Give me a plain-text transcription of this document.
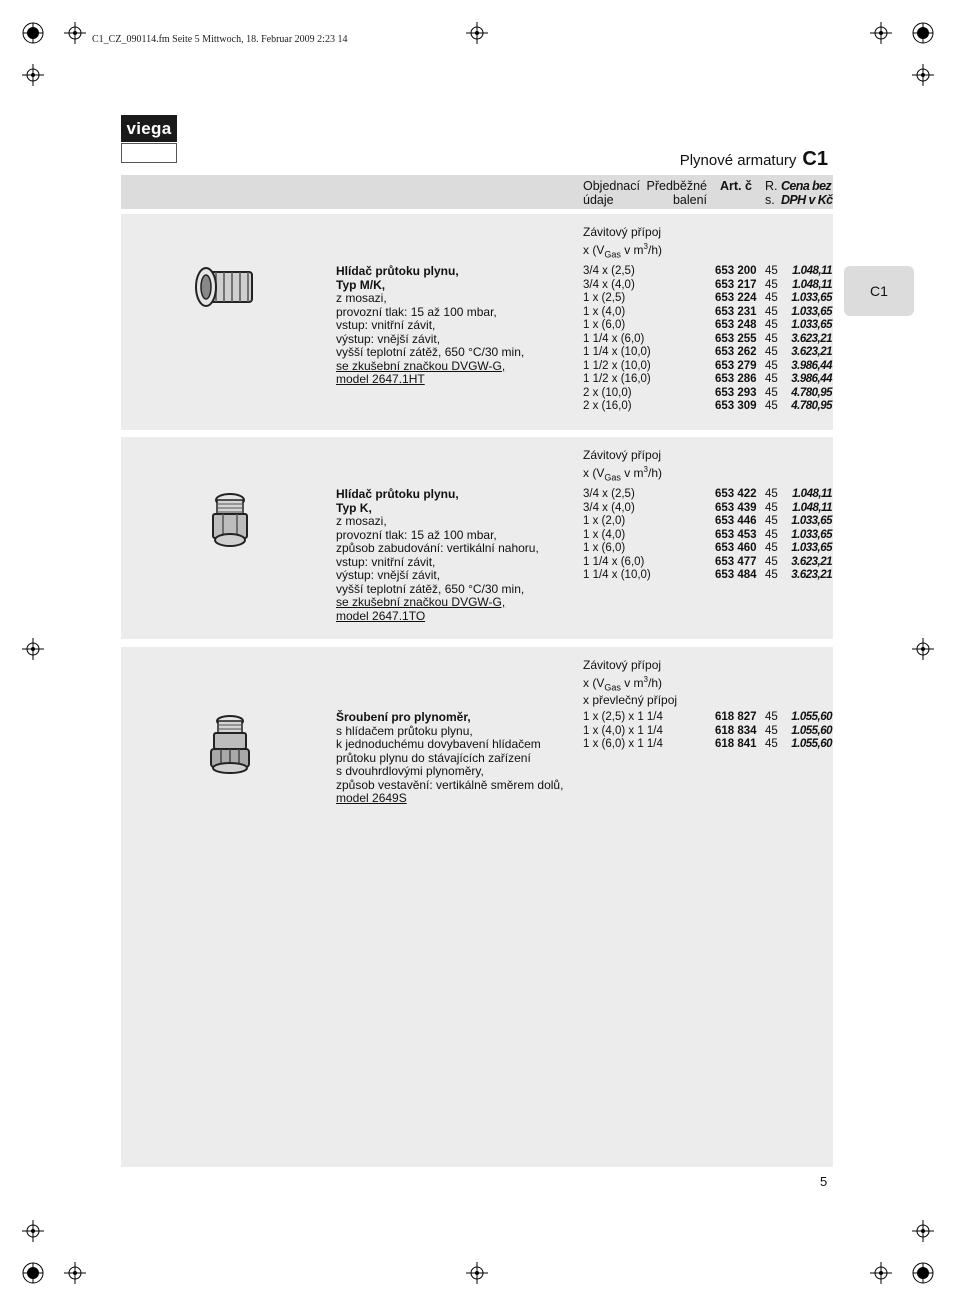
C1_CZ_090114.fm Seite 5 Mittwoch, 18. Februar 2009 2:23 14
viega
Plynové armatury C1
Objednací
údaje
Předběžné
balení
Art. č R.
s.
Cena bez
DPH v Kč
C1
Závitový přípoj
x ($V_{Gas}$ v $m^3/h$)
Hlídač průtoku plynu,
Typ M/K,
z mosazi,
provozní tlak: 15 až 100 mbar,
vstup: vnitřní závit,
výstup: vnější závit,
vyšší teplotní zátěž, 650 °C/30 min,
se zkušební značkou DVGW-G,
model 2647.1HT
3/4 x (2,5)	653 200 45	1.048,11
3/4 x (4,0)	653 217 45	1.048,11
1 x (2,5)	653 224 45	1.033,65
1 x (4,0)	653 231 45	1.033,65
1 x (6,0)	653 248 45	1.033,65
1 1/4 x (6,0)	653 255 45	3.623,21
1 1/4 x (10,0)	653 262 45	3.623,21
1 1/2 x (10,0)	653 279 45	3.986,44
1 1/2 x (16,0)	653 286 45	3.986,44
2 x (10,0)	653 293 45	4.780,95
2 x (16,0)	653 309 45	4.780,95
Závitový přípoj
x ($V_{Gas}$ v $m^3/h$)
Hlídač průtoku plynu,
Typ K,
z mosazi,
provozní tlak: 15 až 100 mbar,
způsob zabudování: vertikální nahoru,
vstup: vnitřní závit,
výstup: vnější závit,
vyšší teplotní zátěž, 650 °C/30 min,
se zkušební značkou DVGW-G,
model 2647.1TO
3/4 x (2,5)	653 422 45	1.048,11
3/4 x (4,0)	653 439 45	1.048,11
1 x (2,0)	653 446 45	1.033,65
1 x (4,0)	653 453 45	1.033,65
1 x (6,0)	653 460 45	1.033,65
1 1/4 x (6,0)	653 477 45	3.623,21
1 1/4 x (10,0)	653 484 45	3.623,21
Závitový přípoj
x ($V_{Gas}$ v $m^3/h$)
x převlečný přípoj
Šroubení pro plynoměr,
s hlídačem průtoku plynu,
k jednoduchému dovybavení hlídačem
průtoku plynu do stávajících zařízení
s dvouhrdlovými plynoměry,
způsob vestavění: vertikálně směrem dolů,
model 2649S
1 x (2,5) x 1 1/4	618 827 45	1.055,60
1 x (4,0) x 1 1/4	618 834 45	1.055,60
1 x (6,0) x 1 1/4	618 841 45	1.055,60
5
